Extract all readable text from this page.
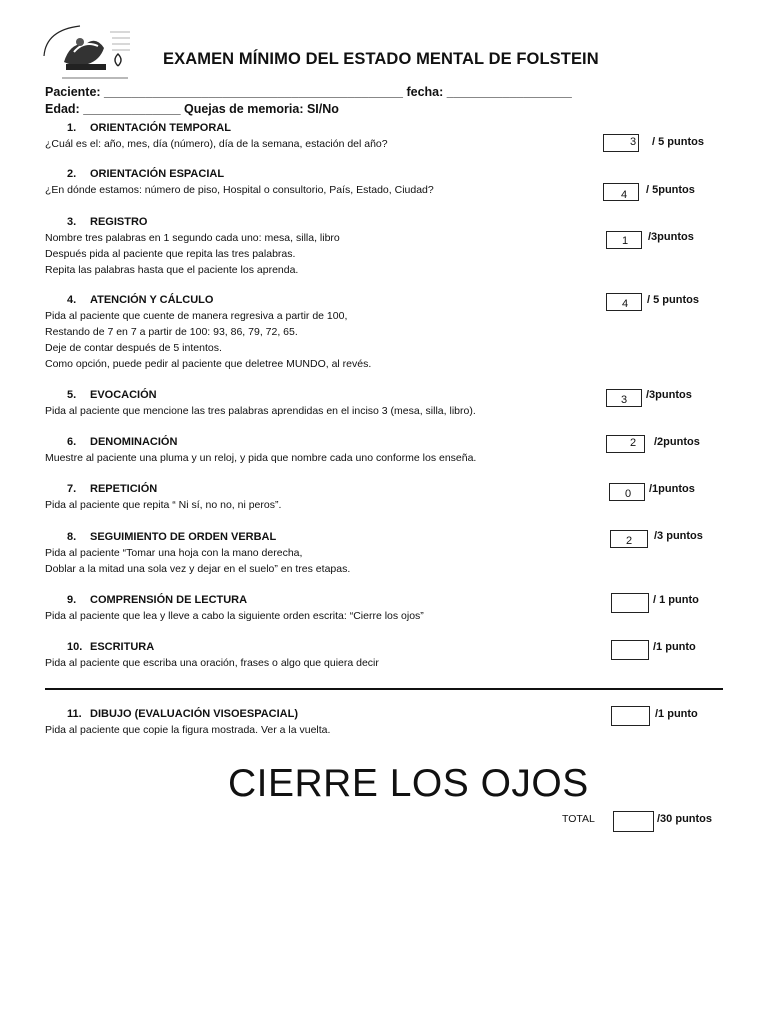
EXAMEN MÍNIMO DEL ESTADO MENTAL DE FOLSTEIN
Paciente: ___________________________________________ fecha: __________________
Edad: ______________ Quejas de memoria: SI/No
1. ORIENTACIÓN TEMPORAL
¿Cuál es el: año, mes, día (número), día de la semana, estación del año?	3 / 5 puntos
2. ORIENTACIÓN ESPACIAL
¿En dónde estamos: número de piso, Hospital o consultorio, País, Estado, Ciudad?	4 / 5puntos
3. REGISTRO
Nombre tres palabras en 1 segundo cada uno: mesa, silla, libro
Después pida al paciente que repita las tres palabras.
Repita las palabras hasta que el paciente los aprenda.
1 /3puntos
4. ATENCIÓN Y CÁLCULO
Pida al paciente que cuente de manera regresiva a partir de 100,
Restando de 7 en 7 a partir de 100: 93, 86, 79, 72, 65.
Deje de contar después de 5 intentos.
Como opción, puede pedir al paciente que deletree MUNDO, al revés.
4 / 5 puntos
5. EVOCACIÓN
Pida al paciente que mencione las tres palabras aprendidas en el inciso 3 (mesa, silla, libro).
3 /3puntos
6. DENOMINACIÓN
Muestre al paciente una pluma y un reloj, y pida que nombre cada uno conforme los enseña.
2 /2puntos
7. REPETICIÓN
Pida al paciente que repita “ Ni sí, no no, ni peros”.
0 /1puntos
8. SEGUIMIENTO DE ORDEN VERBAL
Pida al paciente “Tomar una hoja con la mano derecha,
Doblar a la mitad una sola vez y dejar en el suelo” en tres etapas.
2 /3 puntos
9. COMPRENSIÓN DE LECTURA
Pida al paciente que lea y lleve a cabo la siguiente orden escrita: “Cierre los ojos”
/ 1 punto
10. ESCRITURA
Pida al paciente que escriba una oración, frases o algo que quiera decir
/1 punto
11. DIBUJO (EVALUACIÓN VISOESPACIAL)
Pida al paciente que copie la figura mostrada. Ver a la vuelta.
/1 punto
CIERRE LOS OJOS
TOTAL	/30 puntos
